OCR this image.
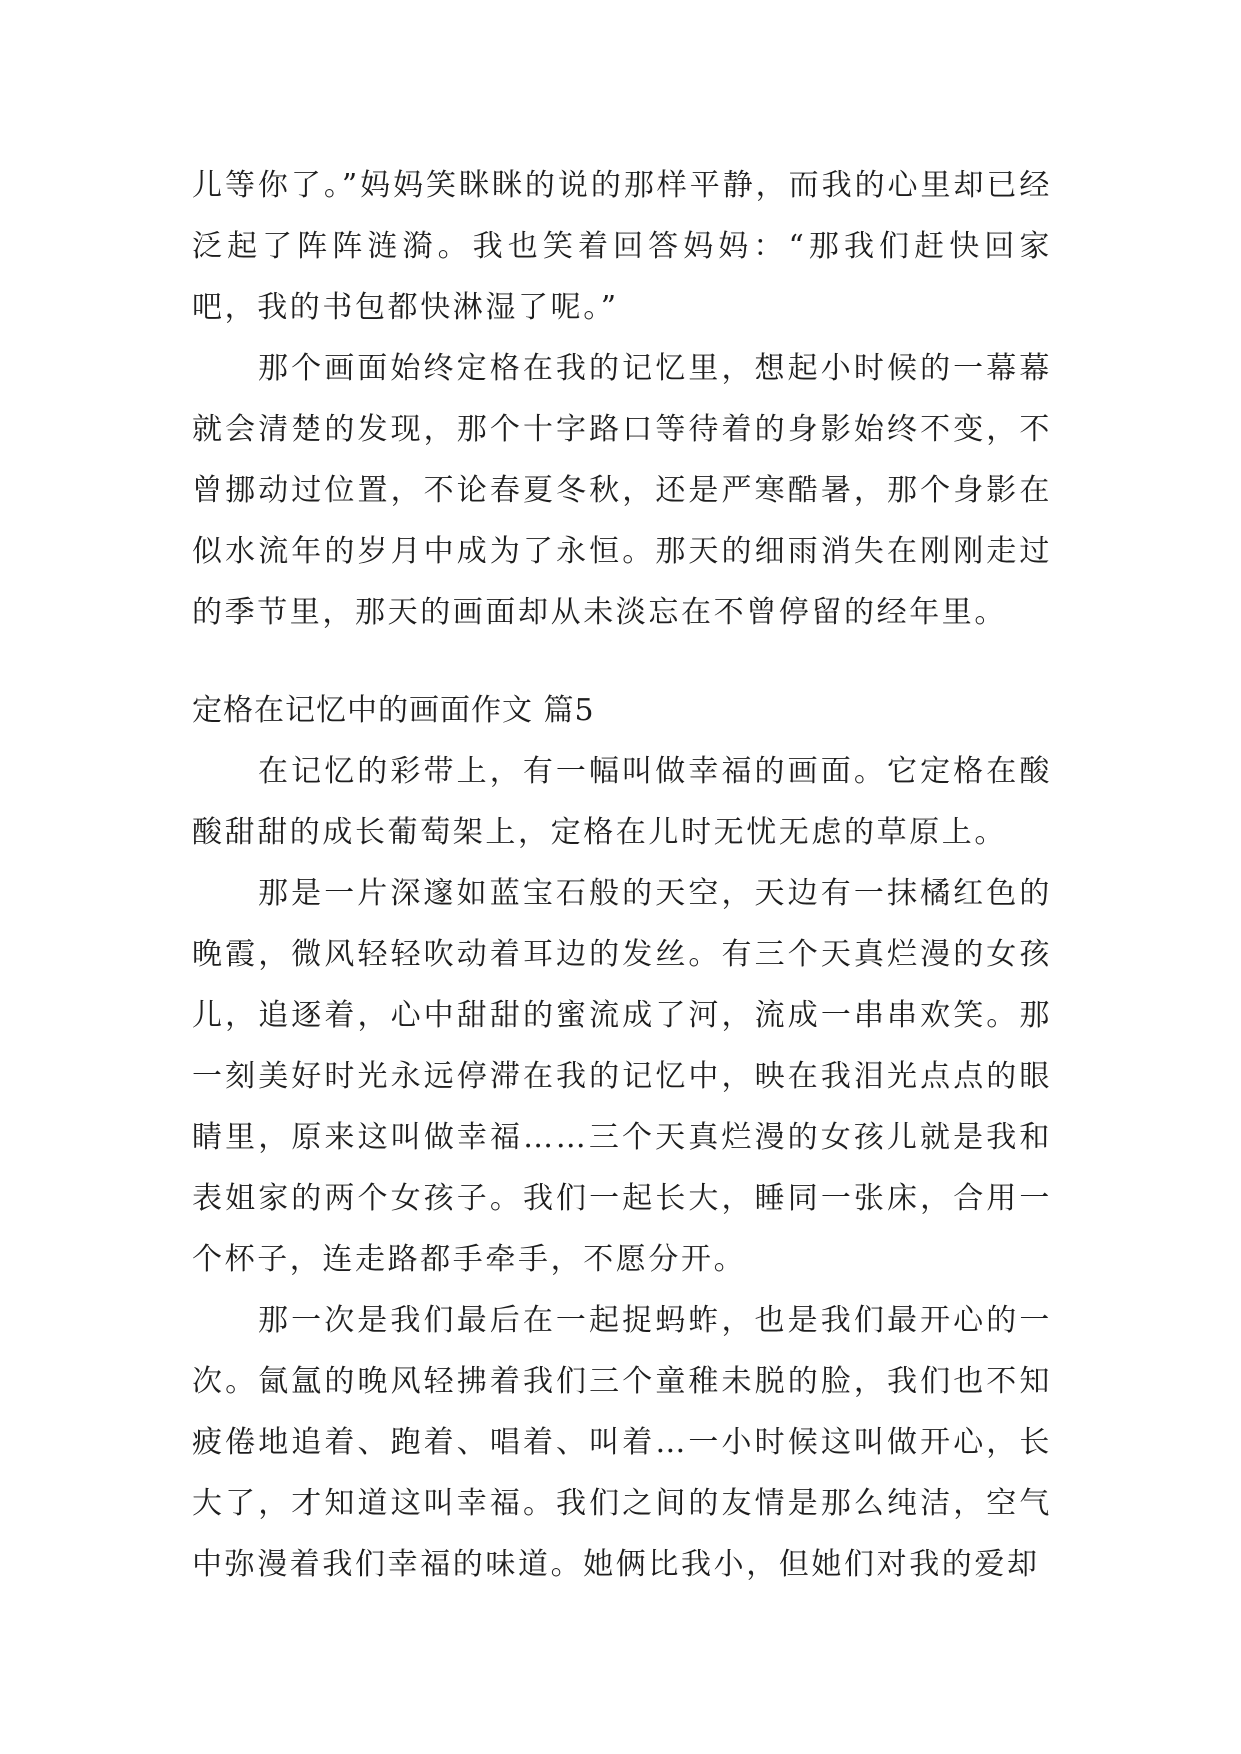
儿等你了。”妈妈笑眯眯的说的那样平静，而我的心里却已经泛起了阵阵涟漪。我也笑着回答妈妈：“那我们赶快回家吧，我的书包都快淋湿了呢。”

那个画面始终定格在我的记忆里，想起小时候的一幕幕就会清楚的发现，那个十字路口等待着的身影始终不变，不曾挪动过位置，不论春夏冬秋，还是严寒酷暑，那个身影在似水流年的岁月中成为了永恒。那天的细雨消失在刚刚走过的季节里，那天的画面却从未淡忘在不曾停留的经年里。

定格在记忆中的画面作文 篇5

在记忆的彩带上，有一幅叫做幸福的画面。它定格在酸酸甜甜的成长葡萄架上，定格在儿时无忧无虑的草原上。

那是一片深邃如蓝宝石般的天空，天边有一抹橘红色的晚霞，微风轻轻吹动着耳边的发丝。有三个天真烂漫的女孩儿，追逐着，心中甜甜的蜜流成了河，流成一串串欢笑。那一刻美好时光永远停滞在我的记忆中，映在我泪光点点的眼睛里，原来这叫做幸福……三个天真烂漫的女孩儿就是我和表姐家的两个女孩子。我们一起长大，睡同一张床，合用一个杯子，连走路都手牵手，不愿分开。

那一次是我们最后在一起捉蚂蚱，也是我们最开心的一次。氤氲的晚风轻拂着我们三个童稚未脱的脸，我们也不知疲倦地追着、跑着、唱着、叫着…一小时候这叫做开心，长大了，才知道这叫幸福。我们之间的友情是那么纯洁，空气中弥漫着我们幸福的味道。她俩比我小，但她们对我的爱却
